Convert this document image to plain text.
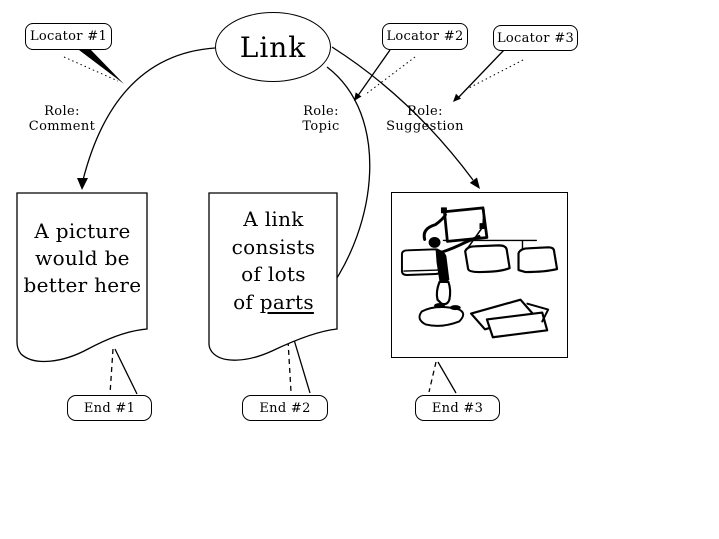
Link
Locator #1	Locator #2	Locator #3
Role:
Comment
Role:
Topic
Role:
Suggestion
A picture
would be
better here
A link
consists
of lots
of parts
End #1	End #2	End #3
